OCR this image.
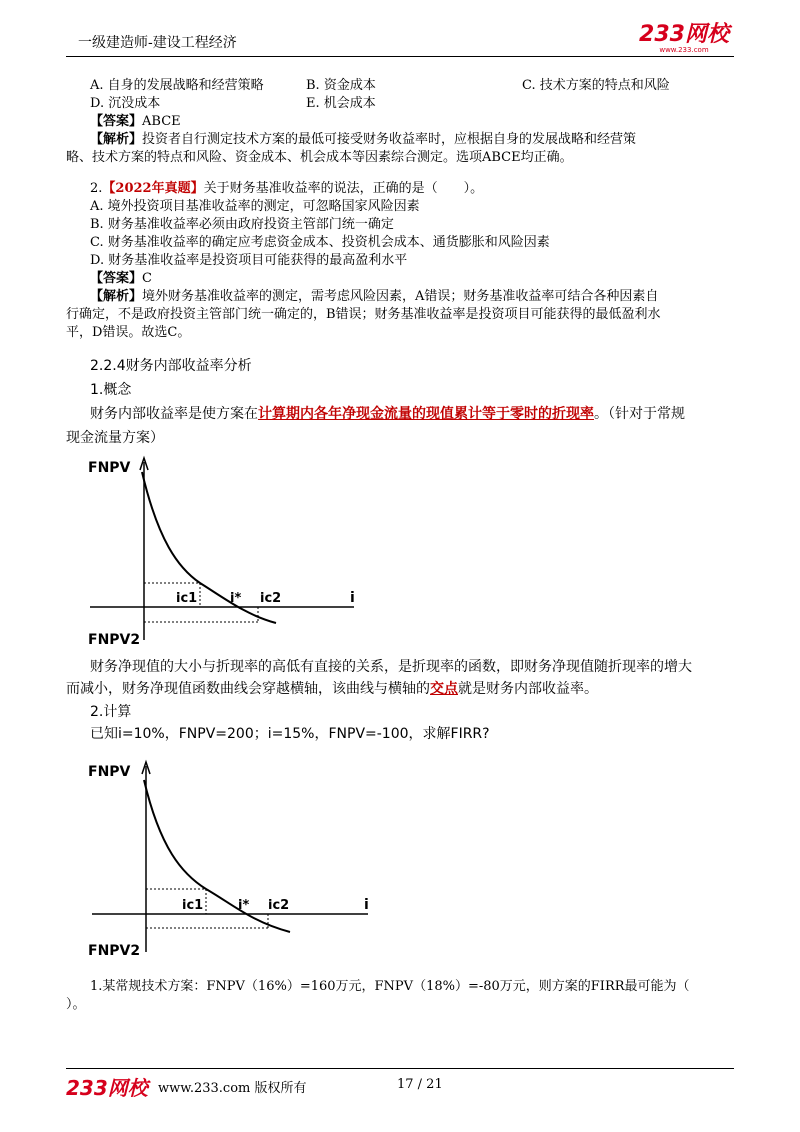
一级建造师-建设工程经济	233网校
www.233.com
A. 自身的发展战略和经营策略	B. 资金成本	C. 技术方案的特点和风险
D. 沉没成本	E. 机会成本
【答案】ABCE
【解析】投资者自行测定技术方案的最低可接受财务收益率时，应根据自身的发展战略和经营策
略、技术方案的特点和风险、资金成本、机会成本等因素综合测定。选项ABCE均正确。
2.【2022年真题】关于财务基准收益率的说法，正确的是（　　）。
A. 境外投资项目基准收益率的测定，可忽略国家风险因素
B. 财务基准收益率必须由政府投资主管部门统一确定
C. 财务基准收益率的确定应考虑资金成本、投资机会成本、通货膨胀和风险因素
D. 财务基准收益率是投资项目可能获得的最高盈利水平
【答案】C
【解析】境外财务基准收益率的测定，需考虑风险因素，A错误；财务基准收益率可结合各种因素自
行确定，不是政府投资主管部门统一确定的，B错误；财务基准收益率是投资项目可能获得的最低盈利水
平，D错误。故选C。
2.2.4财务内部收益率分析
1.概念
财务内部收益率是使方案在计算期内各年净现金流量的现值累计等于零时的折现率。（针对于常规
现金流量方案）
FNPV
i
ic1	i* ic2
FNPV2
财务净现值的大小与折现率的高低有直接的关系，是折现率的函数，即财务净现值随折现率的增大
而减小，财务净现值函数曲线会穿越横轴，该曲线与横轴的交点就是财务内部收益率。
2.计算
已知i=10%，FNPV=200；i=15%，FNPV=-100，求解FIRR?
FNPV
i
ic1	i* ic2
FNPV2
1.某常规技术方案：FNPV（16%）=160万元，FNPV（18%）=-80万元，则方案的FIRR最可能为（
）。
233网校 www.233.com 版权所有	17 / 21
